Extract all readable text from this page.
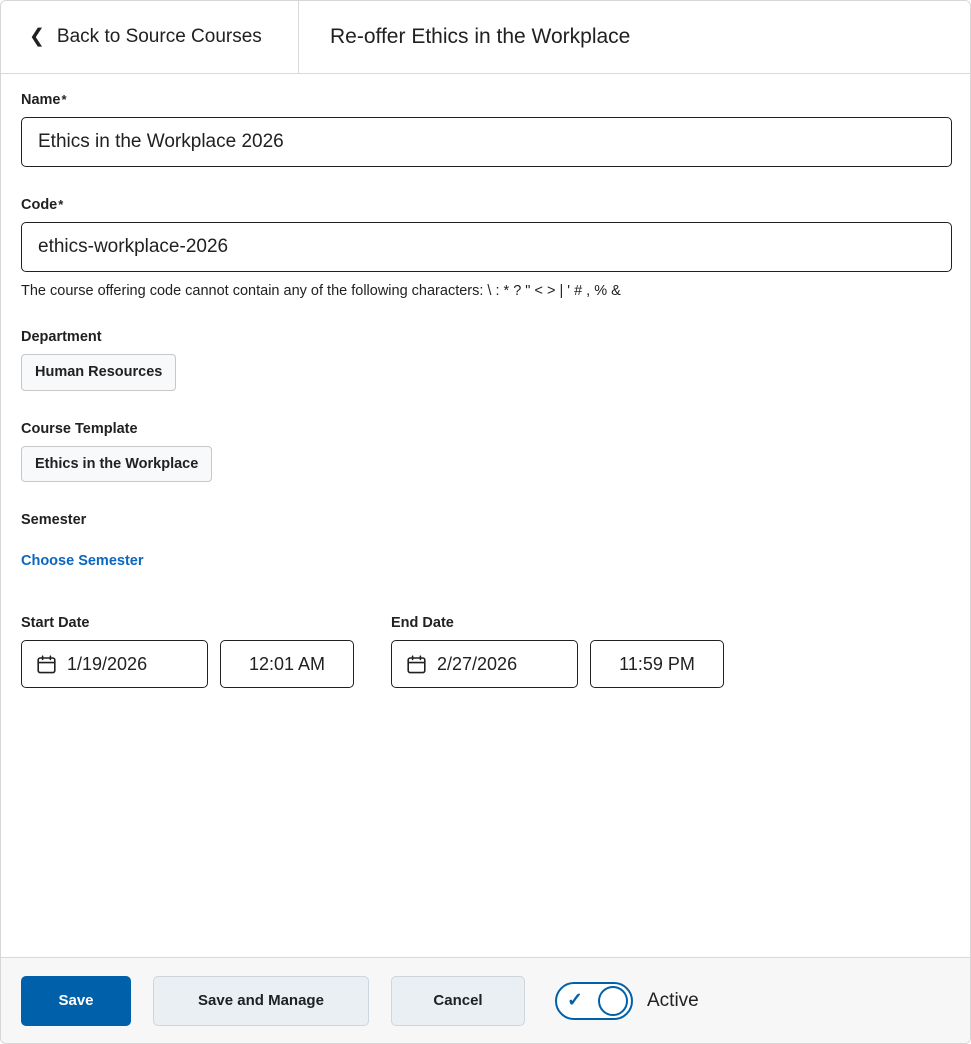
❮ Back to Source Courses	Re-offer Ethics in the Workplace
Name*
Ethics in the Workplace 2026
Code*
ethics-workplace-2026
The course offering code cannot contain any of the following characters: \ : * ? " < > | ' # , % &
Department
Human Resources
Course Template
Ethics in the Workplace
Semester
Choose Semester
Start Date
1/19/2026	12:01 AM
End Date
2/27/2026	11:59 PM
Save	Save and Manage	Cancel	✓	Active
